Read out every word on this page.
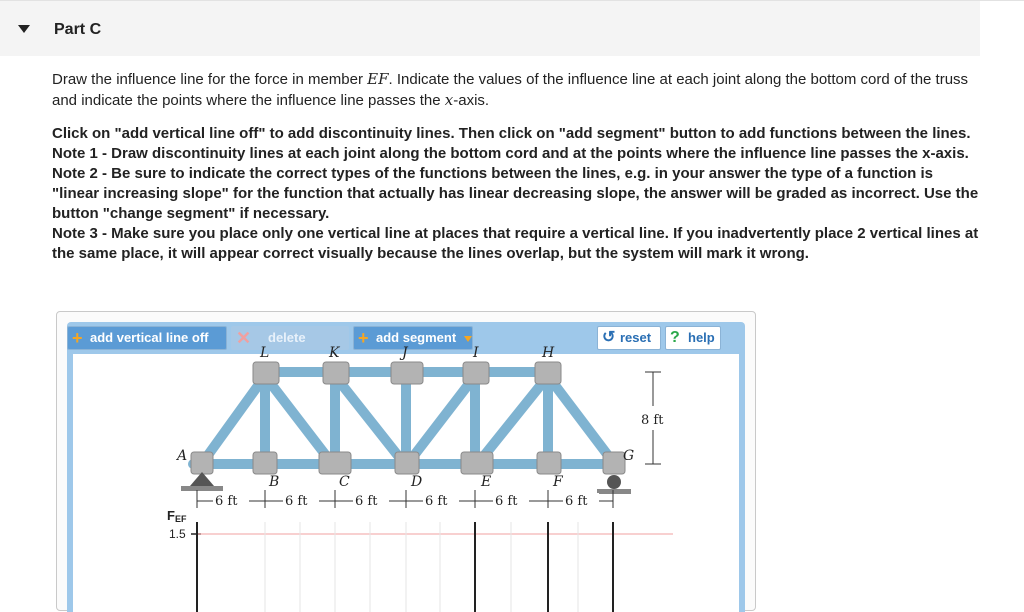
Part C

Draw the influence line for the force in member EF. Indicate the values of the influence line at each joint along the bottom cord of the truss and indicate the points where the influence line passes the x-axis.

Click on "add vertical line off" to add discontinuity lines. Then click on "add segment" button to add functions between the lines.

Note 1 - Draw discontinuity lines at each joint along the bottom cord and at the points where the influence line passes the x-axis.

Note 2 - Be sure to indicate the correct types of the functions between the lines, e.g. in your answer the type of a function is "linear increasing slope" for the function that actually has linear decreasing slope, the answer will be graded as incorrect. Use the button "change segment" if necessary.

Note 3 - Make sure you place only one vertical line at places that require a vertical line. If you inadvertently place 2 vertical lines at the same place, it will appear correct visually because the lines overlap, but the system will mark it wrong.

+ add vertical line off	✕ delete	+ add segment	↺ reset	? help
8 ft
L	K	J	I	H
A
B	C	D	E	F
G
6 ft	6 ft	6 ft	6 ft	6 ft	6 ft
FEF
1.5
